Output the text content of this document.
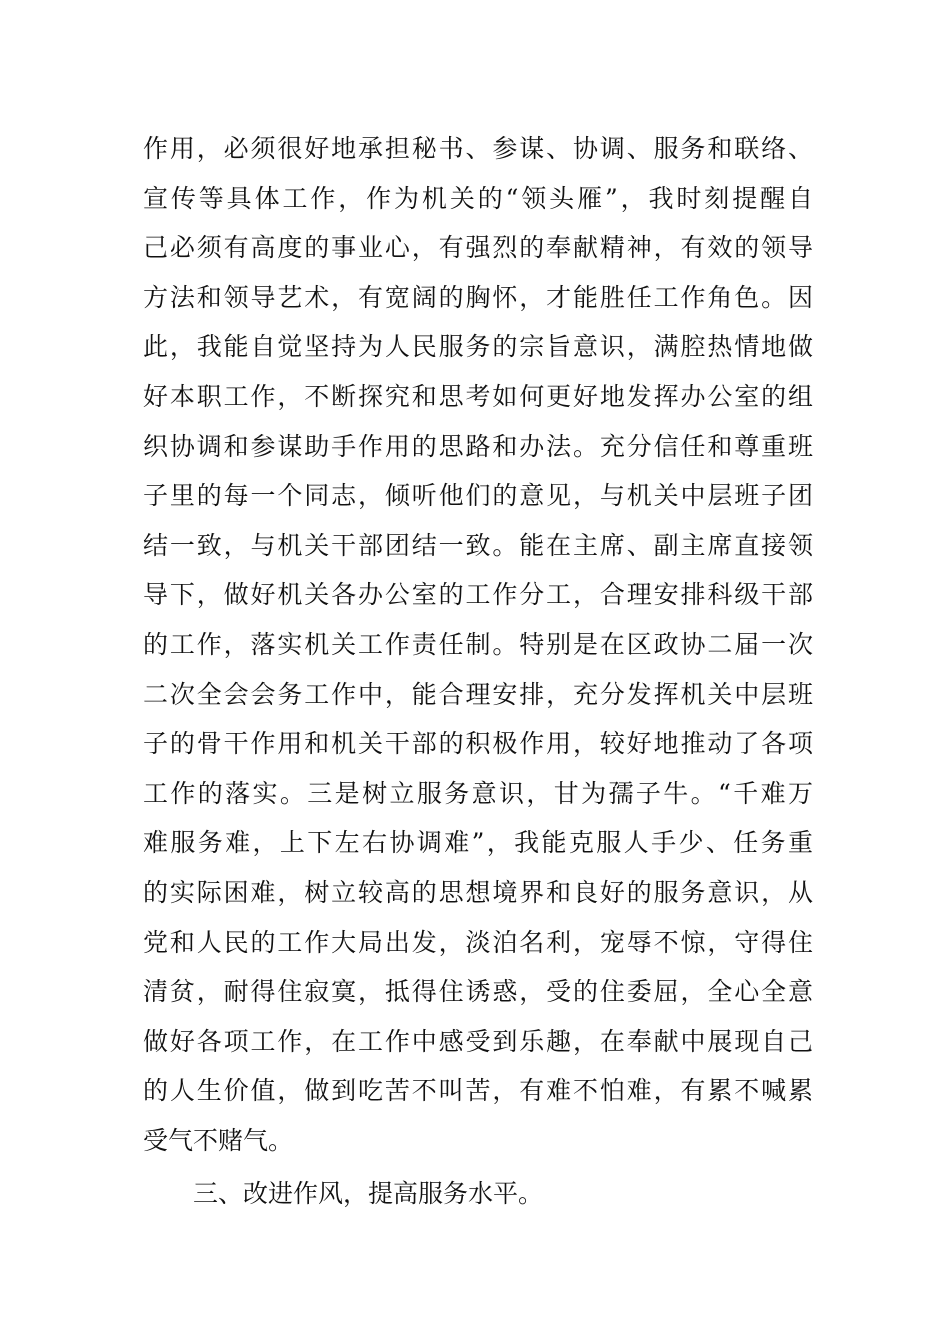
作用，必须很好地承担秘书、参谋、协调、服务和联络、
宣传等具体工作，作为机关的“领头雁”，我时刻提醒自
己必须有高度的事业心，有强烈的奉献精神，有效的领导
方法和领导艺术，有宽阔的胸怀，才能胜任工作角色。因
此，我能自觉坚持为人民服务的宗旨意识，满腔热情地做
好本职工作，不断探究和思考如何更好地发挥办公室的组
织协调和参谋助手作用的思路和办法。充分信任和尊重班
子里的每一个同志，倾听他们的意见，与机关中层班子团
结一致，与机关干部团结一致。能在主席、副主席直接领
导下，做好机关各办公室的工作分工，合理安排科级干部
的工作，落实机关工作责任制。特别是在区政协二届一次
二次全会会务工作中，能合理安排，充分发挥机关中层班
子的骨干作用和机关干部的积极作用，较好地推动了各项
工作的落实。三是树立服务意识，甘为孺子牛。“千难万
难服务难，上下左右协调难”，我能克服人手少、任务重
的实际困难，树立较高的思想境界和良好的服务意识，从
党和人民的工作大局出发，淡泊名利，宠辱不惊，守得住
清贫，耐得住寂寞，抵得住诱惑，受的住委屈，全心全意
做好各项工作，在工作中感受到乐趣，在奉献中展现自己
的人生价值，做到吃苦不叫苦，有难不怕难，有累不喊累
受气不赌气。
三、改进作风，提高服务水平。
